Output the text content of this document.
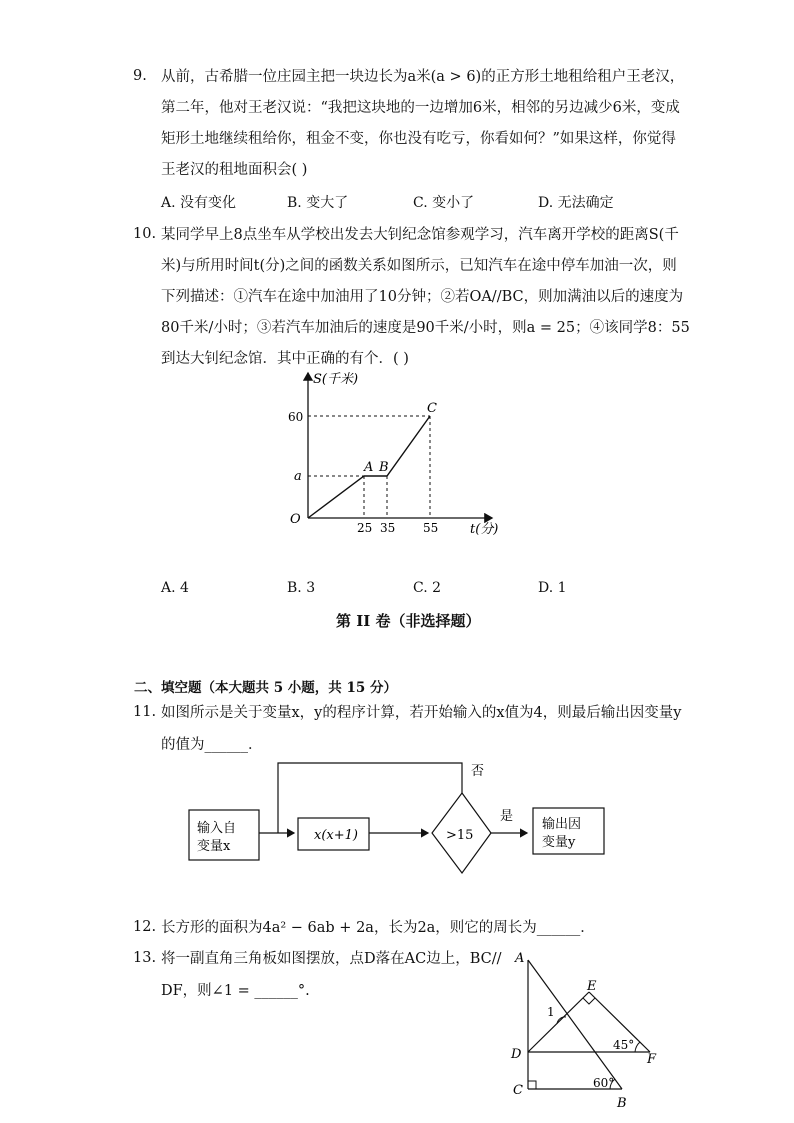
9. 从前，古希腊一位庄园主把一块边长为a米(a > 6)的正方形土地租给租户王老汉，
第二年，他对王老汉说：“我把这块地的一边增加6米，相邻的另边减少6米，变成
矩形土地继续租给你，租金不变，你也没有吃亏，你看如何？”如果这样，你觉得
王老汉的租地面积会( )
A. 没有变化	B. 变大了	C. 变小了	D. 无法确定
10. 某同学早上8点坐车从学校出发去大钊纪念馆参观学习，汽车离开学校的距离S(千
米)与所用时间t(分)之间的函数关系如图所示，已知汽车在途中停车加油一次，则
下列描述：①汽车在途中加油用了10分钟；②若OA//BC，则加满油以后的速度为
80千米/小时；③若汽车加油后的速度是90千米/小时，则a = 25；④该同学8：55
到达大钊纪念馆．其中正确的有个．( )
S(千米)
t(分)
60
a
O
25 35 55
A B
C
A. 4	B. 3	C. 2	D. 1
第 II 卷（非选择题）
二、填空题（本大题共 5 小题，共 15 分）
11. 如图所示是关于变量x，y的程序计算，若开始输入的x值为4，则最后输出因变量y
的值为______．
输入自
变量x
x(x+1)	>15
否
是
输出因
变量y
12. 长方形的面积为4a² − 6ab + 2a，长为2a，则它的周长为______．
13. 将一副直角三角板如图摆放，点D落在AC边上，BC//
DF，则∠1 = ______°.
A
E
1
D
45°
F
C	60°
B
